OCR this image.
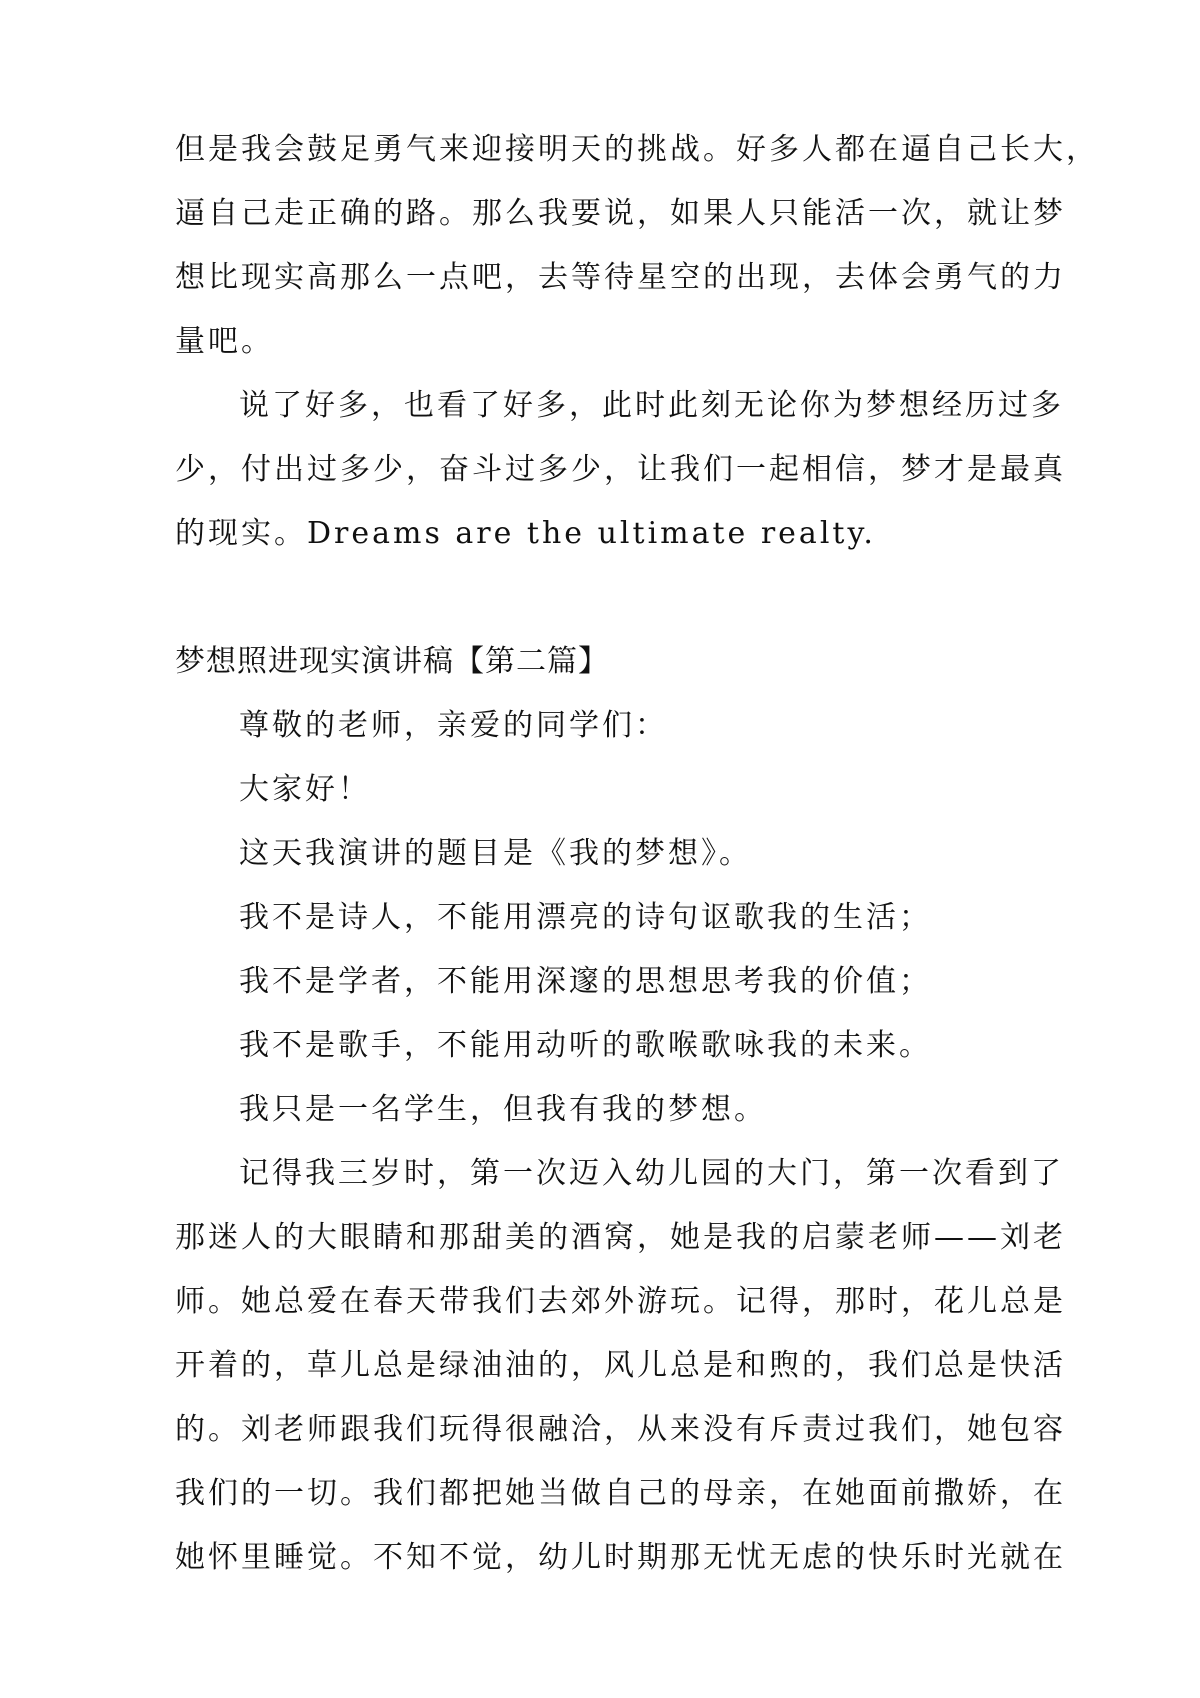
但是我会鼓足勇气来迎接明天的挑战。好多人都在逼自己长大，
逼自己走正确的路。那么我要说，如果人只能活一次，就让梦
想比现实高那么一点吧，去等待星空的出现，去体会勇气的力
量吧。
说了好多，也看了好多，此时此刻无论你为梦想经历过多
少，付出过多少，奋斗过多少，让我们一起相信，梦才是最真
的现实。Dreams are the ultimate realty.
梦想照进现实演讲稿【第二篇】
尊敬的老师，亲爱的同学们：
大家好！
这天我演讲的题目是《我的梦想》。
我不是诗人，不能用漂亮的诗句讴歌我的生活；
我不是学者，不能用深邃的思想思考我的价值；
我不是歌手，不能用动听的歌喉歌咏我的未来。
我只是一名学生，但我有我的梦想。
记得我三岁时，第一次迈入幼儿园的大门，第一次看到了
那迷人的大眼睛和那甜美的酒窝，她是我的启蒙老师——刘老
师。她总爱在春天带我们去郊外游玩。记得，那时，花儿总是
开着的，草儿总是绿油油的，风儿总是和煦的，我们总是快活
的。刘老师跟我们玩得很融洽，从来没有斥责过我们，她包容
我们的一切。我们都把她当做自己的母亲，在她面前撒娇，在
她怀里睡觉。不知不觉，幼儿时期那无忧无虑的快乐时光就在
